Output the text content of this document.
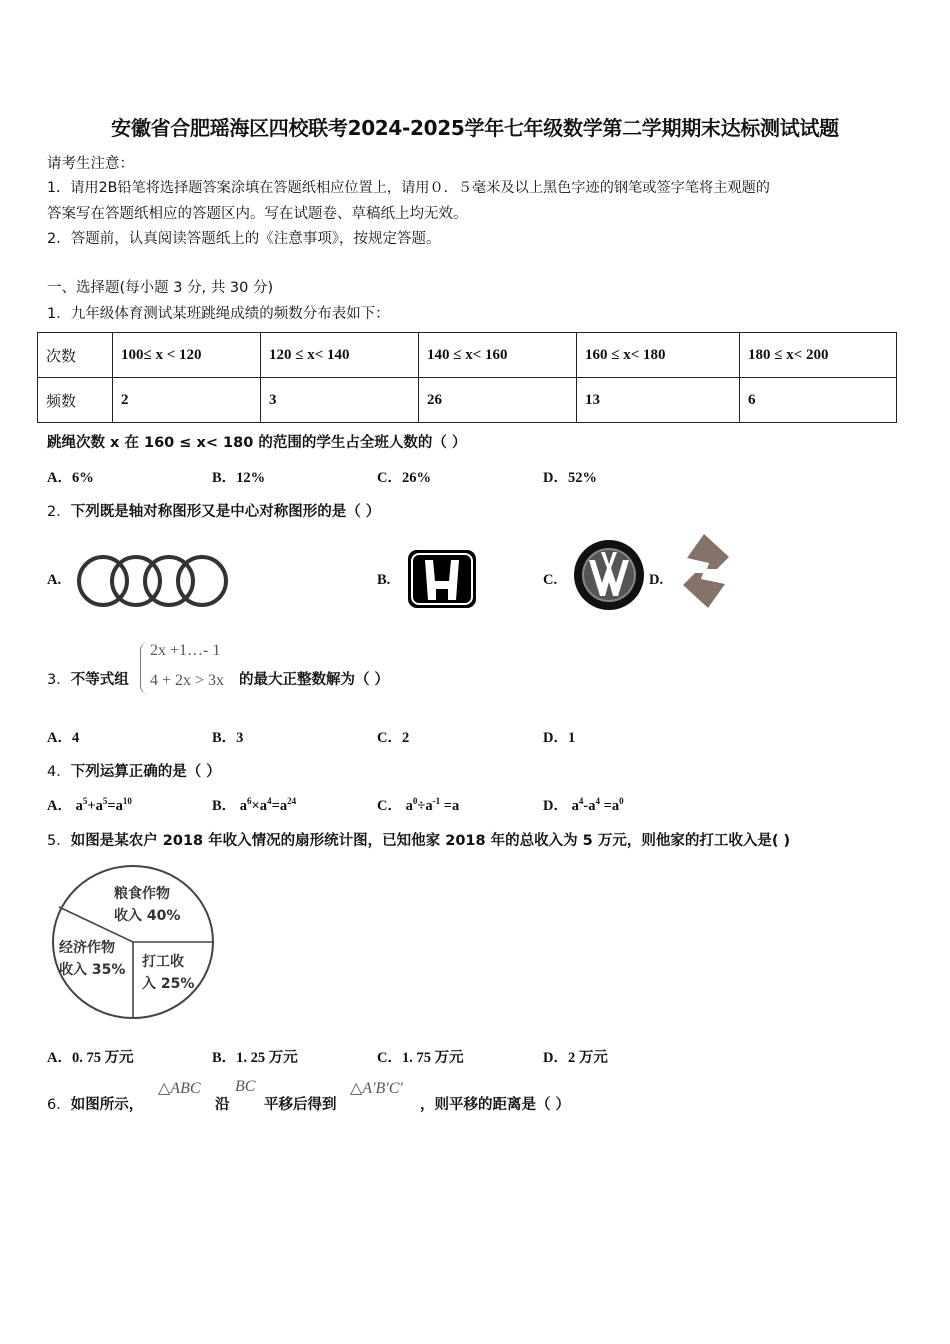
安徽省合肥瑶海区四校联考2024-2025学年七年级数学第二学期期末达标测试试题
请考生注意：
1．请用2B铅笔将选择题答案涂填在答题纸相应位置上，请用０．５毫米及以上黑色字迹的钢笔或签字笔将主观题的
答案写在答题纸相应的答题区内。写在试题卷、草稿纸上均无效。
2．答题前，认真阅读答题纸上的《注意事项》，按规定答题。
一、选择题(每小题 3 分, 共 30 分)
1．九年级体育测试某班跳绳成绩的频数分布表如下：
次数	100≤ x < 120	120 ≤ x< 140	140 ≤ x< 160	160 ≤ x< 180	180 ≤ x< 200
频数	2	3	26	13	6
跳绳次数 x 在 160 ≤ x< 180 的范围的学生占全班人数的（ ）
A．6%	B．12%	C．26%	D．52%
2．下列既是轴对称图形又是中心对称图形的是（ ）
A.	B.	C.	D.
3．不等式组
2x +1…- 1
4 + 2x > 3x 的最大正整数解为（ ）
A．4	B．3	C．2	D．1
4．下列运算正确的是（ ）
A． $a^5+a^5=a^{10}$	B． $a^6\times a^4=a^{24}$	C． $a^0\div a^{-1} =a$	D． $a^4-a^4 =a^0$
5．如图是某农户 2018 年收入情况的扇形统计图，已知他家 2018 年的总收入为 5 万元，则他家的打工收入是( )
粮食作物
收入 40%
经济作物
收入 35% 打工收
入 25%
A．0. 75 万元	B．1. 25 万元	C．1. 75 万元	D．2 万元
6．如图所示，
△ABC
沿
BC
平移后得到
△A'B'C'
，则平移的距离是（ ）
